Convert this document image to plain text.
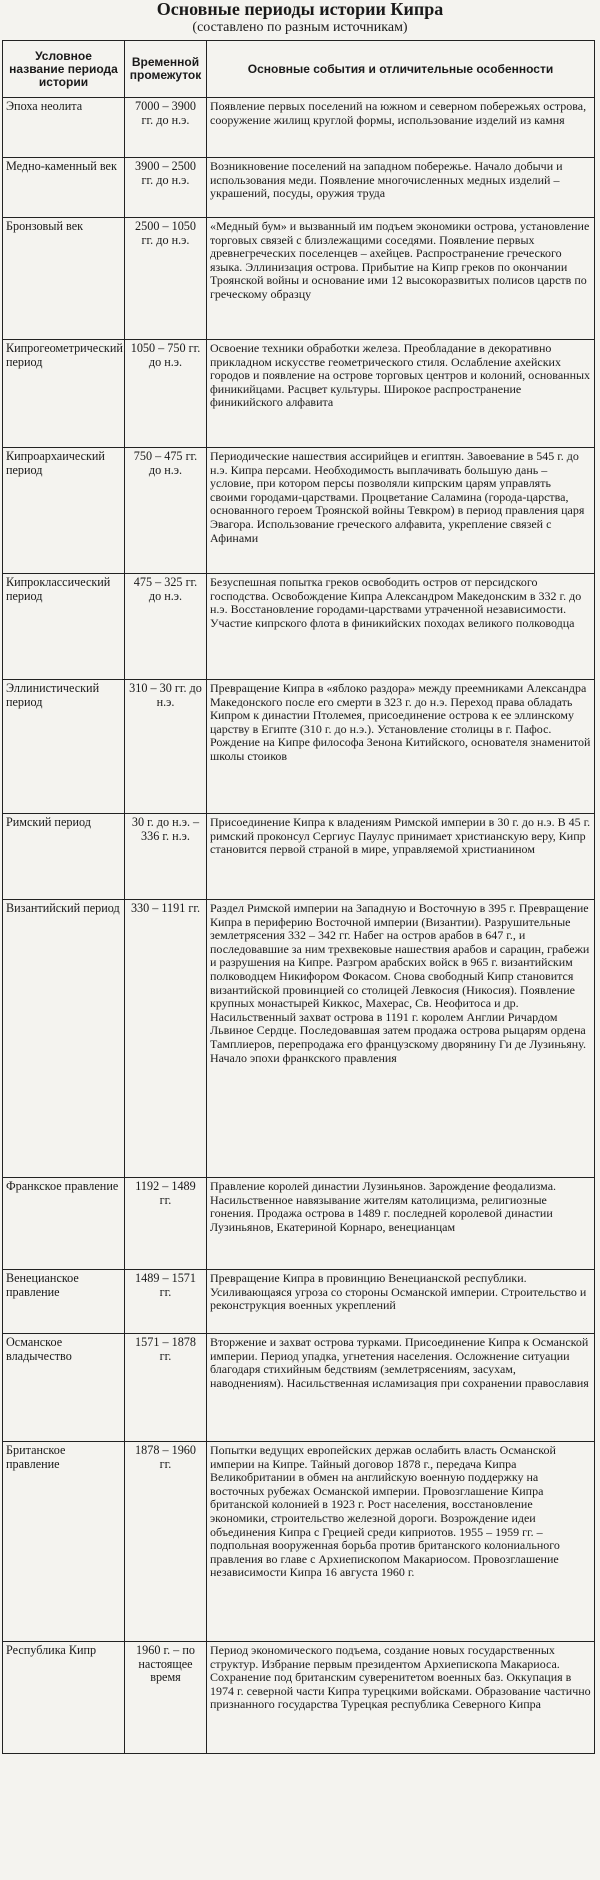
Основные периоды истории Кипра
(составлено по разным источникам)
Условное название периода истории	Временной промежуток	Основные события и отличительные особенности
Эпоха неолита	7000 – 3900 гг. до н.э.	Появление первых поселений на южном и северном побережьях острова, сооружение жилищ круглой формы, использование изделий из камня
Медно-каменный век	3900 – 2500 гг. до н.э.	Возникновение поселений на западном побережье. Начало добычи и использования меди. Появление многочисленных медных изделий – украшений, посуды, оружия труда
Бронзовый век	2500 – 1050 гг. до н.э.	«Медный бум» и вызванный им подъем экономики острова, установление торговых связей с близлежащими соседями. Появление первых древнегреческих поселенцев – ахейцев. Распространение греческого языка. Эллинизация острова. Прибытие на Кипр греков по окончании Троянской войны и основание ими 12 высокоразвитых полисов царств по греческому образцу
Кипрогеометрический период	1050 – 750 гг. до н.э.	Освоение техники обработки железа. Преобладание в декоративно прикладном искусстве геометрического стиля. Ослабление ахейских городов и появление на острове торговых центров и колоний, основанных финикийцами. Расцвет культуры. Широкое распространение финикийского алфавита
Кипроархаический период	750 – 475 гг. до н.э.	Периодические нашествия ассирийцев и египтян. Завоевание в 545 г. до н.э. Кипра персами. Необходимость выплачивать большую дань – условие, при котором персы позволяли кипрским царям управлять своими городами-царствами. Процветание Саламина (города-царства, основанного героем Троянской войны Тевкром) в период правления царя Эвагора. Использование греческого алфавита, укрепление связей с Афинами
Кипроклассический период	475 – 325 гг. до н.э.	Безуспешная попытка греков освободить остров от персидского господства. Освобождение Кипра Александром Македонским в 332 г. до н.э. Восстановление городами-царствами утраченной независимости. Участие кипрского флота в финикийских походах великого полководца
Эллинистический период	310 – 30 гг. до н.э.	Превращение Кипра в «яблоко раздора» между преемниками Александра Македонского после его смерти в 323 г. до н.э. Переход права обладать Кипром к династии Птолемея, присоединение острова к ее эллинскому царству в Египте (310 г. до н.э.). Установление столицы в г. Пафос. Рождение на Кипре философа Зенона Китийского, основателя знаменитой школы стоиков
Римский период	30 г. до н.э. – 336 г. н.э.	Присоединение Кипра к владениям Римской империи в 30 г. до н.э. В 45 г. римский проконсул Сергиус Паулус принимает христианскую веру, Кипр становится первой страной в мире, управляемой христианином
Византийский период	330 – 1191 гг.	Раздел Римской империи на Западную и Восточную в 395 г. Превращение Кипра в периферию Восточной империи (Византии). Разрушительные землетрясения 332 – 342 гг. Набег на остров арабов в 647 г., и последовавшие за ним трехвековые нашествия арабов и сарацин, грабежи и разрушения на Кипре. Разгром арабских войск в 965 г. византийским полководцем Никифором Фокасом. Снова свободный Кипр становится византийской провинцией со столицей Левкосия (Никосия). Появление крупных монастырей Киккос, Махерас, Св. Неофитоса и др. Насильственный захват острова в 1191 г. королем Англии Ричардом Львиное Сердце. Последовавшая затем продажа острова рыцарям ордена Тамплиеров, перепродажа его французскому дворянину Ги де Лузиньяну. Начало эпохи франкского правления
Франкское правление	1192 – 1489 гг.	Правление королей династии Лузиньянов. Зарождение феодализма. Насильственное навязывание жителям католицизма, религиозные гонения. Продажа острова в 1489 г. последней королевой династии Лузиньянов, Екатериной Корнаро, венецианцам
Венецианское правление	1489 – 1571 гг.	Превращение Кипра в провинцию Венецианской республики. Усиливающаяся угроза со стороны Османской империи. Строительство и реконструкция военных укреплений
Османское владычество	1571 – 1878 гг.	Вторжение и захват острова турками. Присоединение Кипра к Османской империи. Период упадка, угнетения населения. Осложнение ситуации благодаря стихийным бедствиям (землетрясениям, засухам, наводнениям). Насильственная исламизация при сохранении православия
Британское правление	1878 – 1960 гг.	Попытки ведущих европейских держав ослабить власть Османской империи на Кипре. Тайный договор 1878 г., передача Кипра Великобритании в обмен на английскую военную поддержку на восточных рубежах Османской империи. Провозглашение Кипра британской колонией в 1923 г. Рост населения, восстановление экономики, строительство железной дороги. Возрождение идеи объединения Кипра с Грецией среди киприотов. 1955 – 1959 гг. – подпольная вооруженная борьба против британского колониального правления во главе с Архиепископом Макариосом. Провозглашение независимости Кипра 16 августа 1960 г.
Республика Кипр	1960 г. – по настоящее время	Период экономического подъема, создание новых государственных структур. Избрание первым президентом Архиепископа Макариоса. Сохранение под британским суверенитетом военных баз. Оккупация в 1974 г. северной части Кипра турецкими войсками. Образование частично признанного государства Турецкая республика Северного Кипра
